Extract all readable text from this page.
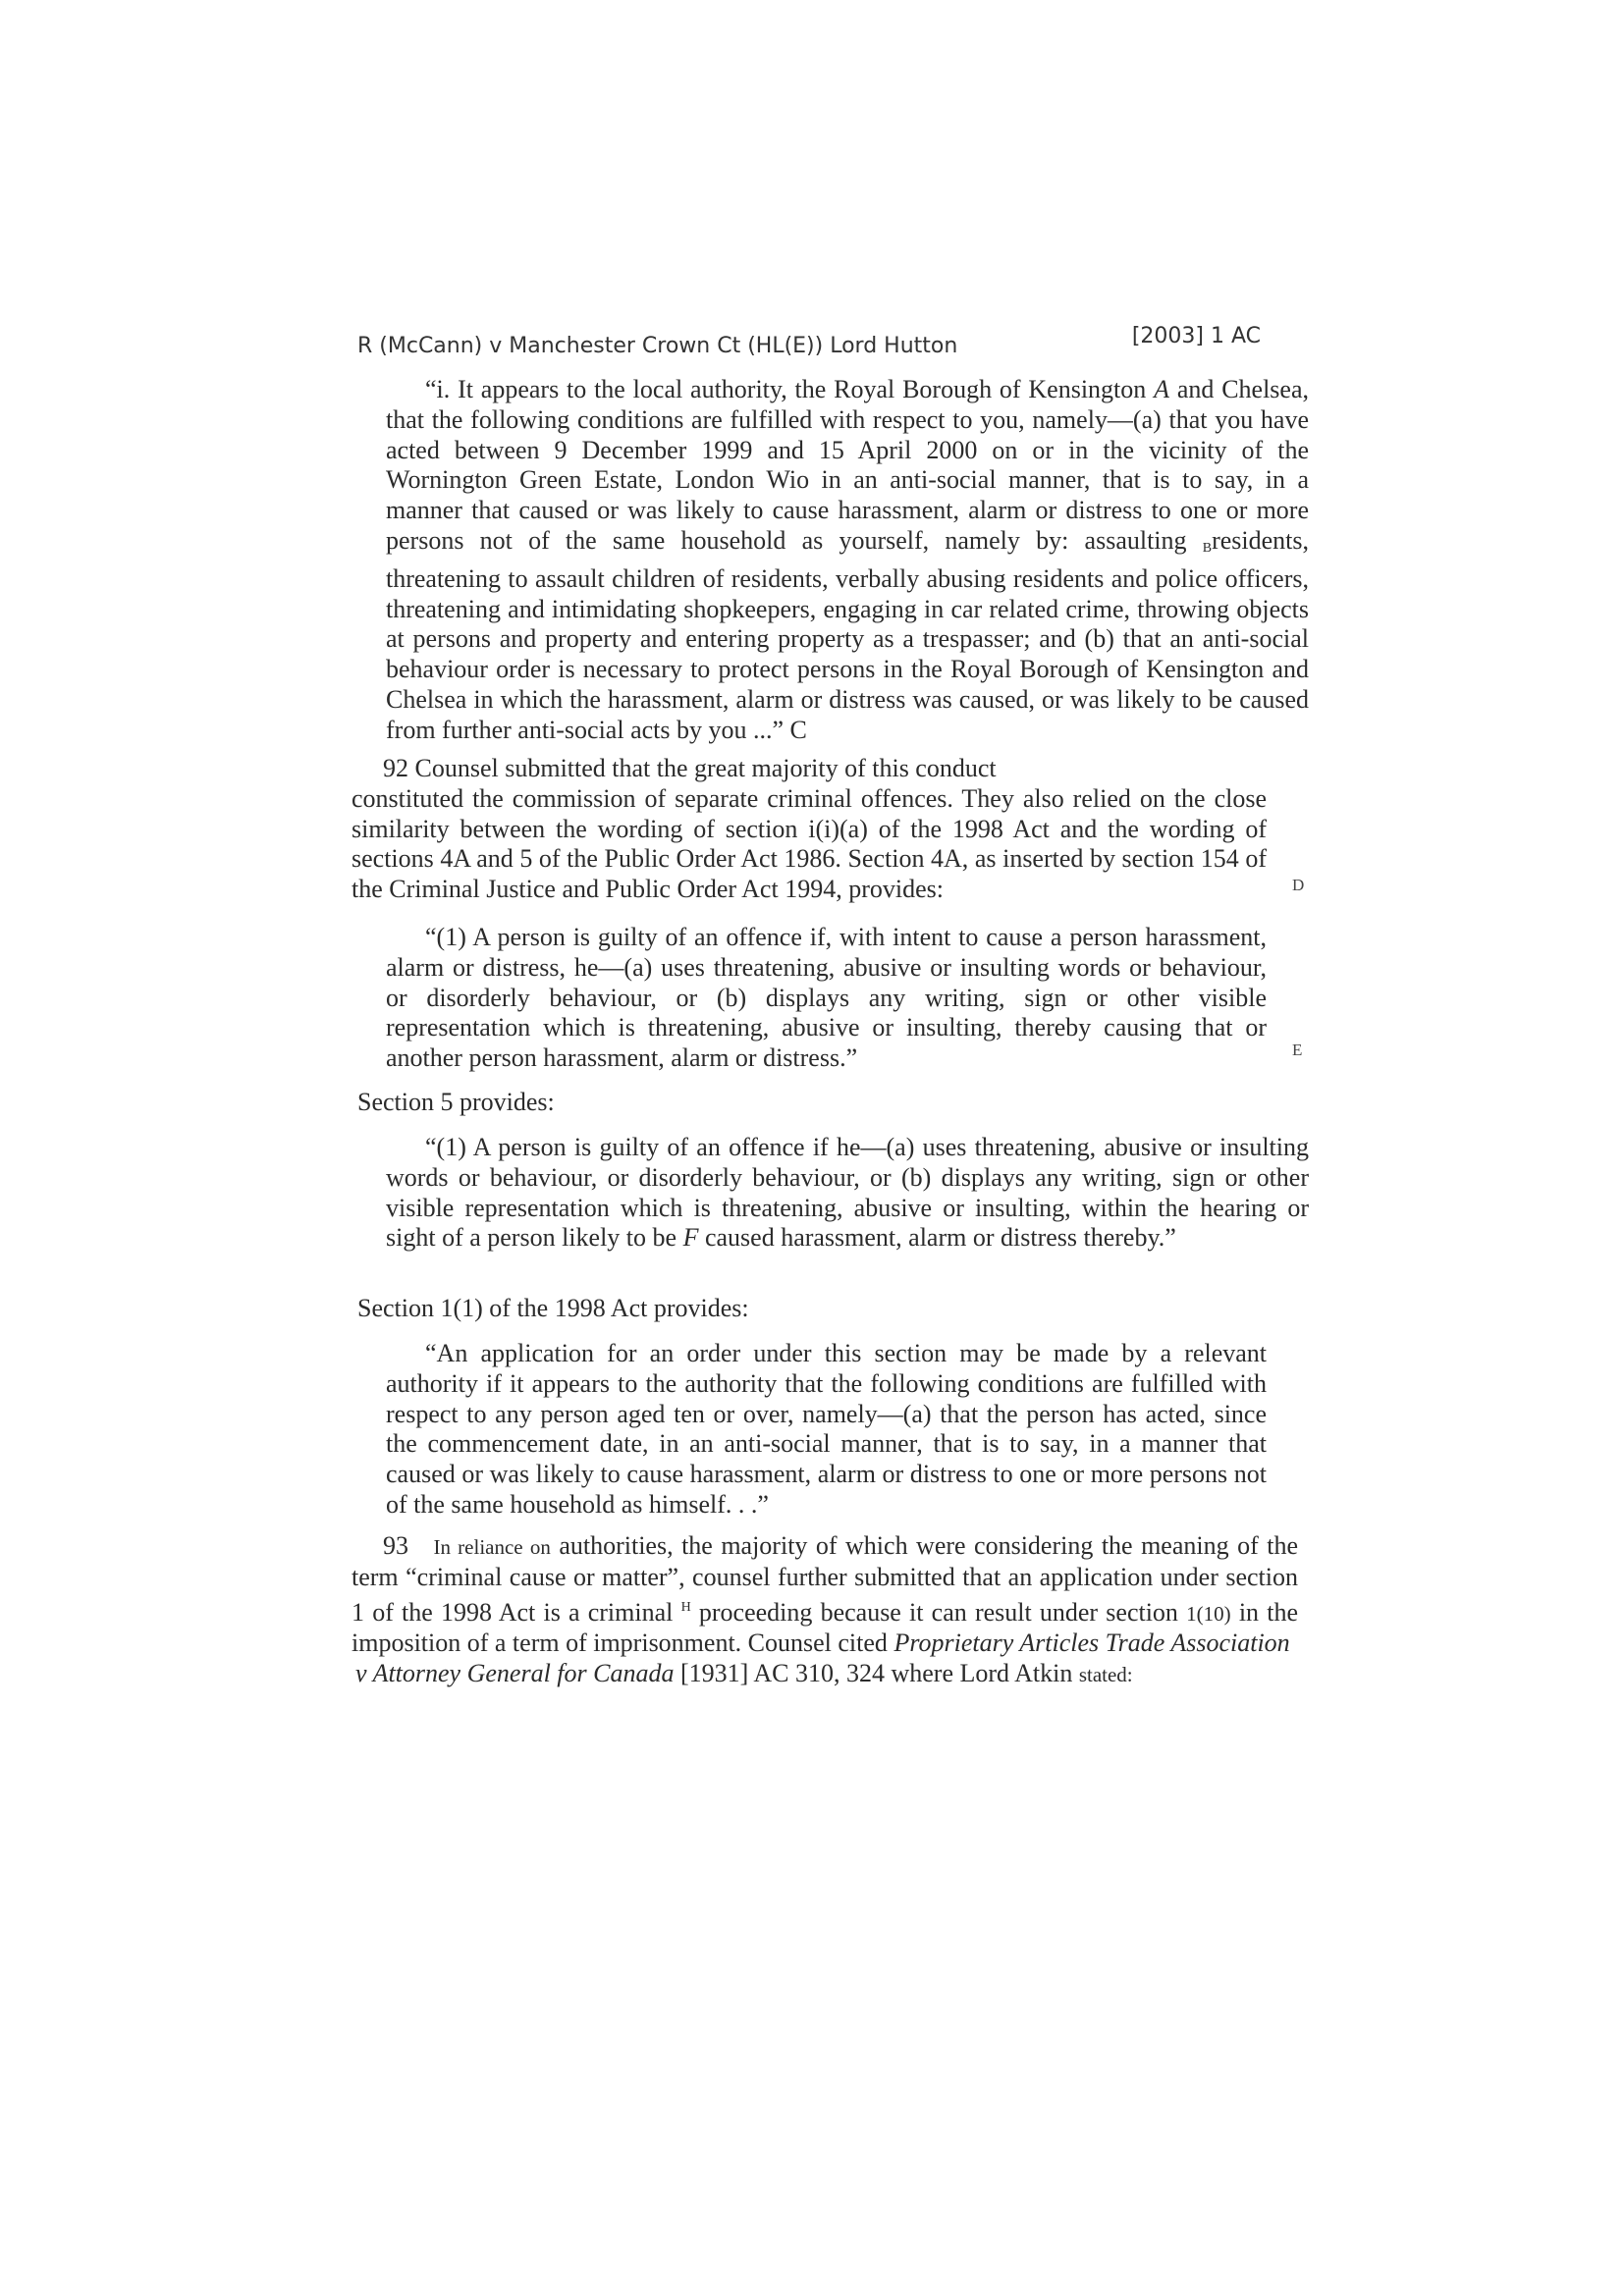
R (McCann) v Manchester Crown Ct (HL(E)) Lord Hutton	[2003] 1 AC

“i. It appears to the local authority, the Royal Borough of Kensington A and Chelsea, that the following conditions are fulfilled with respect to you, namely—(a) that you have acted between 9 December 1999 and 15 April 2000 on or in the vicinity of the Wornington Green Estate, London Wio in an anti-social manner, that is to say, in a manner that caused or was likely to cause harassment, alarm or distress to one or more persons not of the same household as yourself, namely by: assaulting $_B$residents, threatening to assault children of residents, verbally abusing residents and police officers, threatening and intimidating shopkeepers, engaging in car related crime, throwing objects at persons and property and entering property as a trespasser; and (b) that an anti-social behaviour order is necessary to protect persons in the Royal Borough of Kensington and Chelsea in which the harassment, alarm or distress was caused, or was likely to be caused from further anti-social acts by you ...” C

92 Counsel submitted that the great majority of this conduct

constituted the commission of separate criminal offences. They also relied on the close similarity between the wording of section i(i)(a) of the 1998 Act and the wording of sections 4A and 5 of the Public Order Act 1986. Section 4A, as inserted by section 154 of the Criminal Justice and Public Order Act 1994, provides:	D

“(1) A person is guilty of an offence if, with intent to cause a person harassment, alarm or distress, he—(a) uses threatening, abusive or insulting words or behaviour, or disorderly behaviour, or (b) displays any writing, sign or other visible representation which is threatening, abusive or insulting, thereby causing that or another person harassment, alarm or distress.”	E

Section 5 provides:

“(1) A person is guilty of an offence if he—(a) uses threatening, abusive or insulting words or behaviour, or disorderly behaviour, or (b) displays any writing, sign or other visible representation which is threatening, abusive or insulting, within the hearing or sight of a person likely to be F caused harassment, alarm or distress thereby.”

Section 1(1) of the 1998 Act provides:

“An application for an order under this section may be made by a relevant authority if it appears to the authority that the following conditions are fulfilled with respect to any person aged ten or over, namely—(a) that the person has acted, since the commencement date, in an anti-social manner, that is to say, in a manner that caused or was likely to cause harassment, alarm or distress to one or more persons not of the same household as himself. . .”

93 In reliance on authorities, the majority of which were considering the meaning of the term “criminal cause or matter”, counsel further submitted that an application under section 1 of the 1998 Act is a criminal $^H$ proceeding because it can result under section 1(10) in the imposition of a term of imprisonment. Counsel cited Proprietary Articles Trade Association

v Attorney General for Canada [1931] AC 310, 324 where Lord Atkin stated:
